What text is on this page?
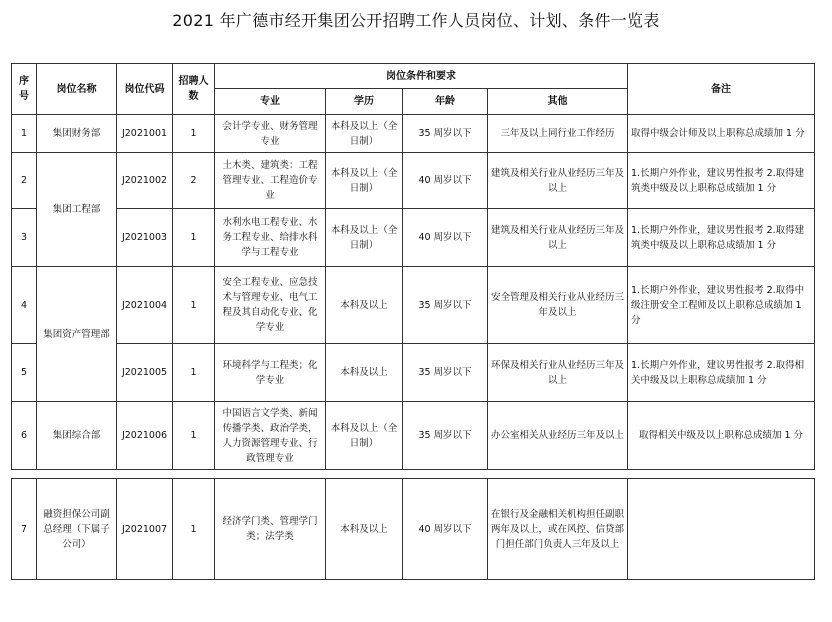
2021 年广德市经开集团公开招聘工作人员岗位、计划、条件一览表
序号	岗位名称	岗位代码	招聘人数	岗位条件和要求				备注
				专业	学历	年龄	其他	
1	集团财务部	J2021001	1	会计学专业、财务管理专业	本科及以上（全日制）	35 周岁以下	三年及以上同行业工作经历	取得中级会计师及以上职称总成绩加 1 分
2	集团工程部	J2021002	2	土木类、建筑类：工程管理专业、工程造价专业	本科及以上（全日制）	40 周岁以下	建筑及相关行业从业经历三年及以上	1.长期户外作业，建议男性报考 2.取得建筑类中级及以上职称总成绩加 1 分
3		J2021003	1	水利水电工程专业、水务工程专业、给排水科学与工程专业	本科及以上（全日制）	40 周岁以下	建筑及相关行业从业经历三年及以上	1.长期户外作业，建议男性报考 2.取得建筑类中级及以上职称总成绩加 1 分
4	集团资产管理部	J2021004	1	安全工程专业、应急技术与管理专业、电气工程及其自动化专业、化学专业	本科及以上	35 周岁以下	安全管理及相关行业从业经历三年及以上	1.长期户外作业，建议男性报考 2.取得中级注册安全工程师及以上职称总成绩加 1 分
5		J2021005	1	环境科学与工程类；化学专业	本科及以上	35 周岁以下	环保及相关行业从业经历三年及以上	1.长期户外作业，建议男性报考 2.取得相关中级及以上职称总成绩加 1 分
6	集团综合部	J2021006	1	中国语言文学类、新闻传播学类、政治学类，人力资源管理专业、行政管理专业	本科及以上（全日制）	35 周岁以下	办公室相关从业经历三年及以上	取得相关中级及以上职称总成绩加 1 分
7	融资担保公司副总经理（下属子公司）	J2021007	1	经济学门类、管理学门类；法学类	本科及以上	40 周岁以下	在银行及金融相关机构担任副职两年及以上，或在风控、信贷部门担任部门负责人三年及以上	
